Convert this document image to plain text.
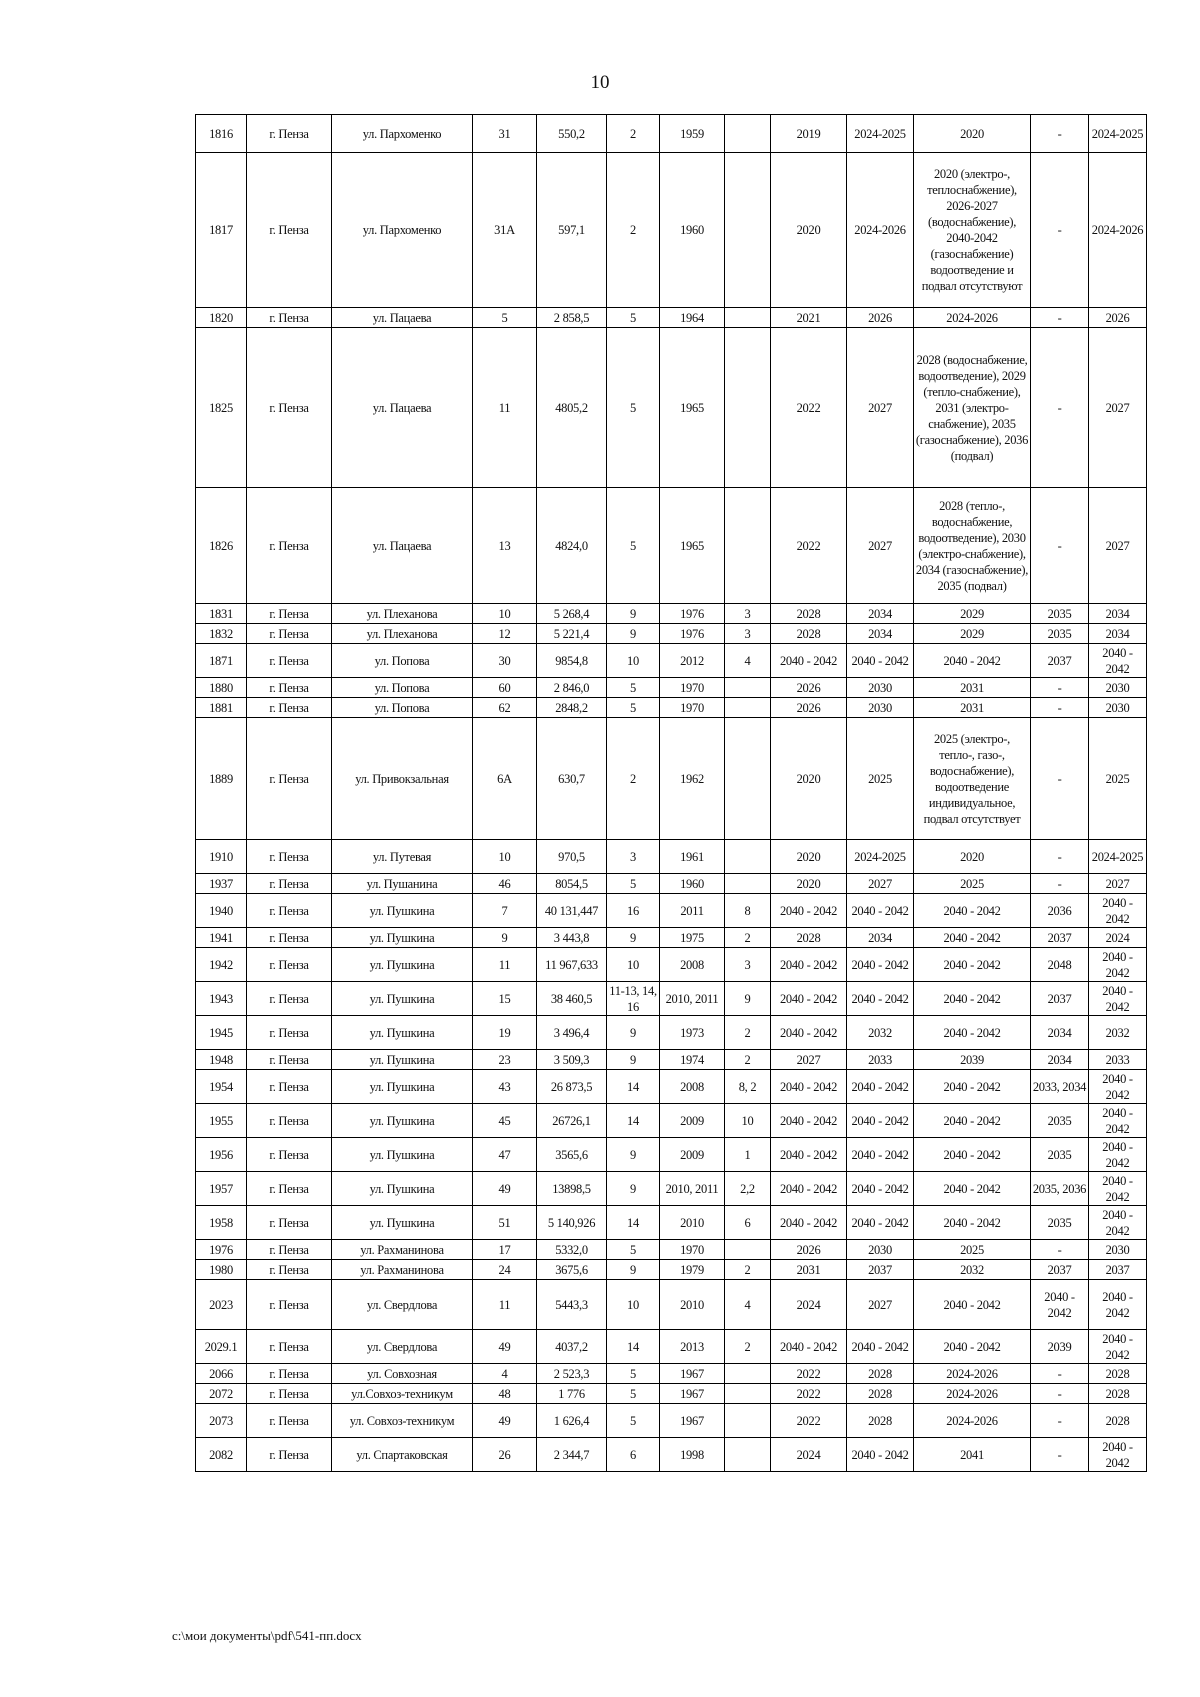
10
1816	г. Пенза	ул. Пархоменко	31	550,2	2	1959		2019	2024-2025	2020	-	2024-2025
1817	г. Пенза	ул. Пархоменко	31А	597,1	2	1960		2020	2024-2026	2020 (электро-, теплоснабжение), 2026-2027 (водоснабжение), 2040-2042 (газоснабжение) водоотведение и подвал отсутствуют	-	2024-2026
1820	г. Пенза	ул. Пацаева	5	2 858,5	5	1964		2021	2026	2024-2026	-	2026
1825	г. Пенза	ул. Пацаева	11	4805,2	5	1965		2022	2027	2028 (водоснабжение, водоотведение), 2029 (тепло-снабжение), 2031 (электро-снабжение), 2035 (газоснабжение), 2036 (подвал)	-	2027
1826	г. Пенза	ул. Пацаева	13	4824,0	5	1965		2022	2027	2028 (тепло-, водоснабжение, водоотведение), 2030 (электро-снабжение), 2034 (газоснабжение), 2035 (подвал)	-	2027
1831	г. Пенза	ул. Плеханова	10	5 268,4	9	1976	3	2028	2034	2029	2035	2034
1832	г. Пенза	ул. Плеханова	12	5 221,4	9	1976	3	2028	2034	2029	2035	2034
1871	г. Пенза	ул. Попова	30	9854,8	10	2012	4	2040 - 2042	2040 - 2042	2040 - 2042	2037	2040 - 2042
1880	г. Пенза	ул. Попова	60	2 846,0	5	1970		2026	2030	2031	-	2030
1881	г. Пенза	ул. Попова	62	2848,2	5	1970		2026	2030	2031	-	2030
1889	г. Пенза	ул. Привокзальная	6А	630,7	2	1962		2020	2025	2025 (электро-, тепло-, газо-, водоснабжение), водоотведение индивидуальное, подвал отсутствует	-	2025
1910	г. Пенза	ул. Путевая	10	970,5	3	1961		2020	2024-2025	2020	-	2024-2025
1937	г. Пенза	ул. Пушанина	46	8054,5	5	1960		2020	2027	2025	-	2027
1940	г. Пенза	ул. Пушкина	7	40 131,447	16	2011	8	2040 - 2042	2040 - 2042	2040 - 2042	2036	2040 - 2042
1941	г. Пенза	ул. Пушкина	9	3 443,8	9	1975	2	2028	2034	2040 - 2042	2037	2024
1942	г. Пенза	ул. Пушкина	11	11 967,633	10	2008	3	2040 - 2042	2040 - 2042	2040 - 2042	2048	2040 - 2042
1943	г. Пенза	ул. Пушкина	15	38 460,5	11-13, 14, 16	2010, 2011	9	2040 - 2042	2040 - 2042	2040 - 2042	2037	2040 - 2042
1945	г. Пенза	ул. Пушкина	19	3 496,4	9	1973	2	2040 - 2042	2032	2040 - 2042	2034	2032
1948	г. Пенза	ул. Пушкина	23	3 509,3	9	1974	2	2027	2033	2039	2034	2033
1954	г. Пенза	ул. Пушкина	43	26 873,5	14	2008	8, 2	2040 - 2042	2040 - 2042	2040 - 2042	2033, 2034	2040 - 2042
1955	г. Пенза	ул. Пушкина	45	26726,1	14	2009	10	2040 - 2042	2040 - 2042	2040 - 2042	2035	2040 - 2042
1956	г. Пенза	ул. Пушкина	47	3565,6	9	2009	1	2040 - 2042	2040 - 2042	2040 - 2042	2035	2040 - 2042
1957	г. Пенза	ул. Пушкина	49	13898,5	9	2010, 2011	2,2	2040 - 2042	2040 - 2042	2040 - 2042	2035, 2036	2040 - 2042
1958	г. Пенза	ул. Пушкина	51	5 140,926	14	2010	6	2040 - 2042	2040 - 2042	2040 - 2042	2035	2040 - 2042
1976	г. Пенза	ул. Рахманинова	17	5332,0	5	1970		2026	2030	2025	-	2030
1980	г. Пенза	ул. Рахманинова	24	3675,6	9	1979	2	2031	2037	2032	2037	2037
2023	г. Пенза	ул. Свердлова	11	5443,3	10	2010	4	2024	2027	2040 - 2042	2040 - 2042	2040 - 2042
2029.1	г. Пенза	ул. Свердлова	49	4037,2	14	2013	2	2040 - 2042	2040 - 2042	2040 - 2042	2039	2040 - 2042
2066	г. Пенза	ул. Совхозная	4	2 523,3	5	1967		2022	2028	2024-2026	-	2028
2072	г. Пенза	ул.Совхоз-техникум	48	1 776	5	1967		2022	2028	2024-2026	-	2028
2073	г. Пенза	ул. Совхоз-техникум	49	1 626,4	5	1967		2022	2028	2024-2026	-	2028
2082	г. Пенза	ул. Спартаковская	26	2 344,7	6	1998		2024	2040 - 2042	2041	-	2040 - 2042
c:\мои документы\pdf\541-пп.docx
